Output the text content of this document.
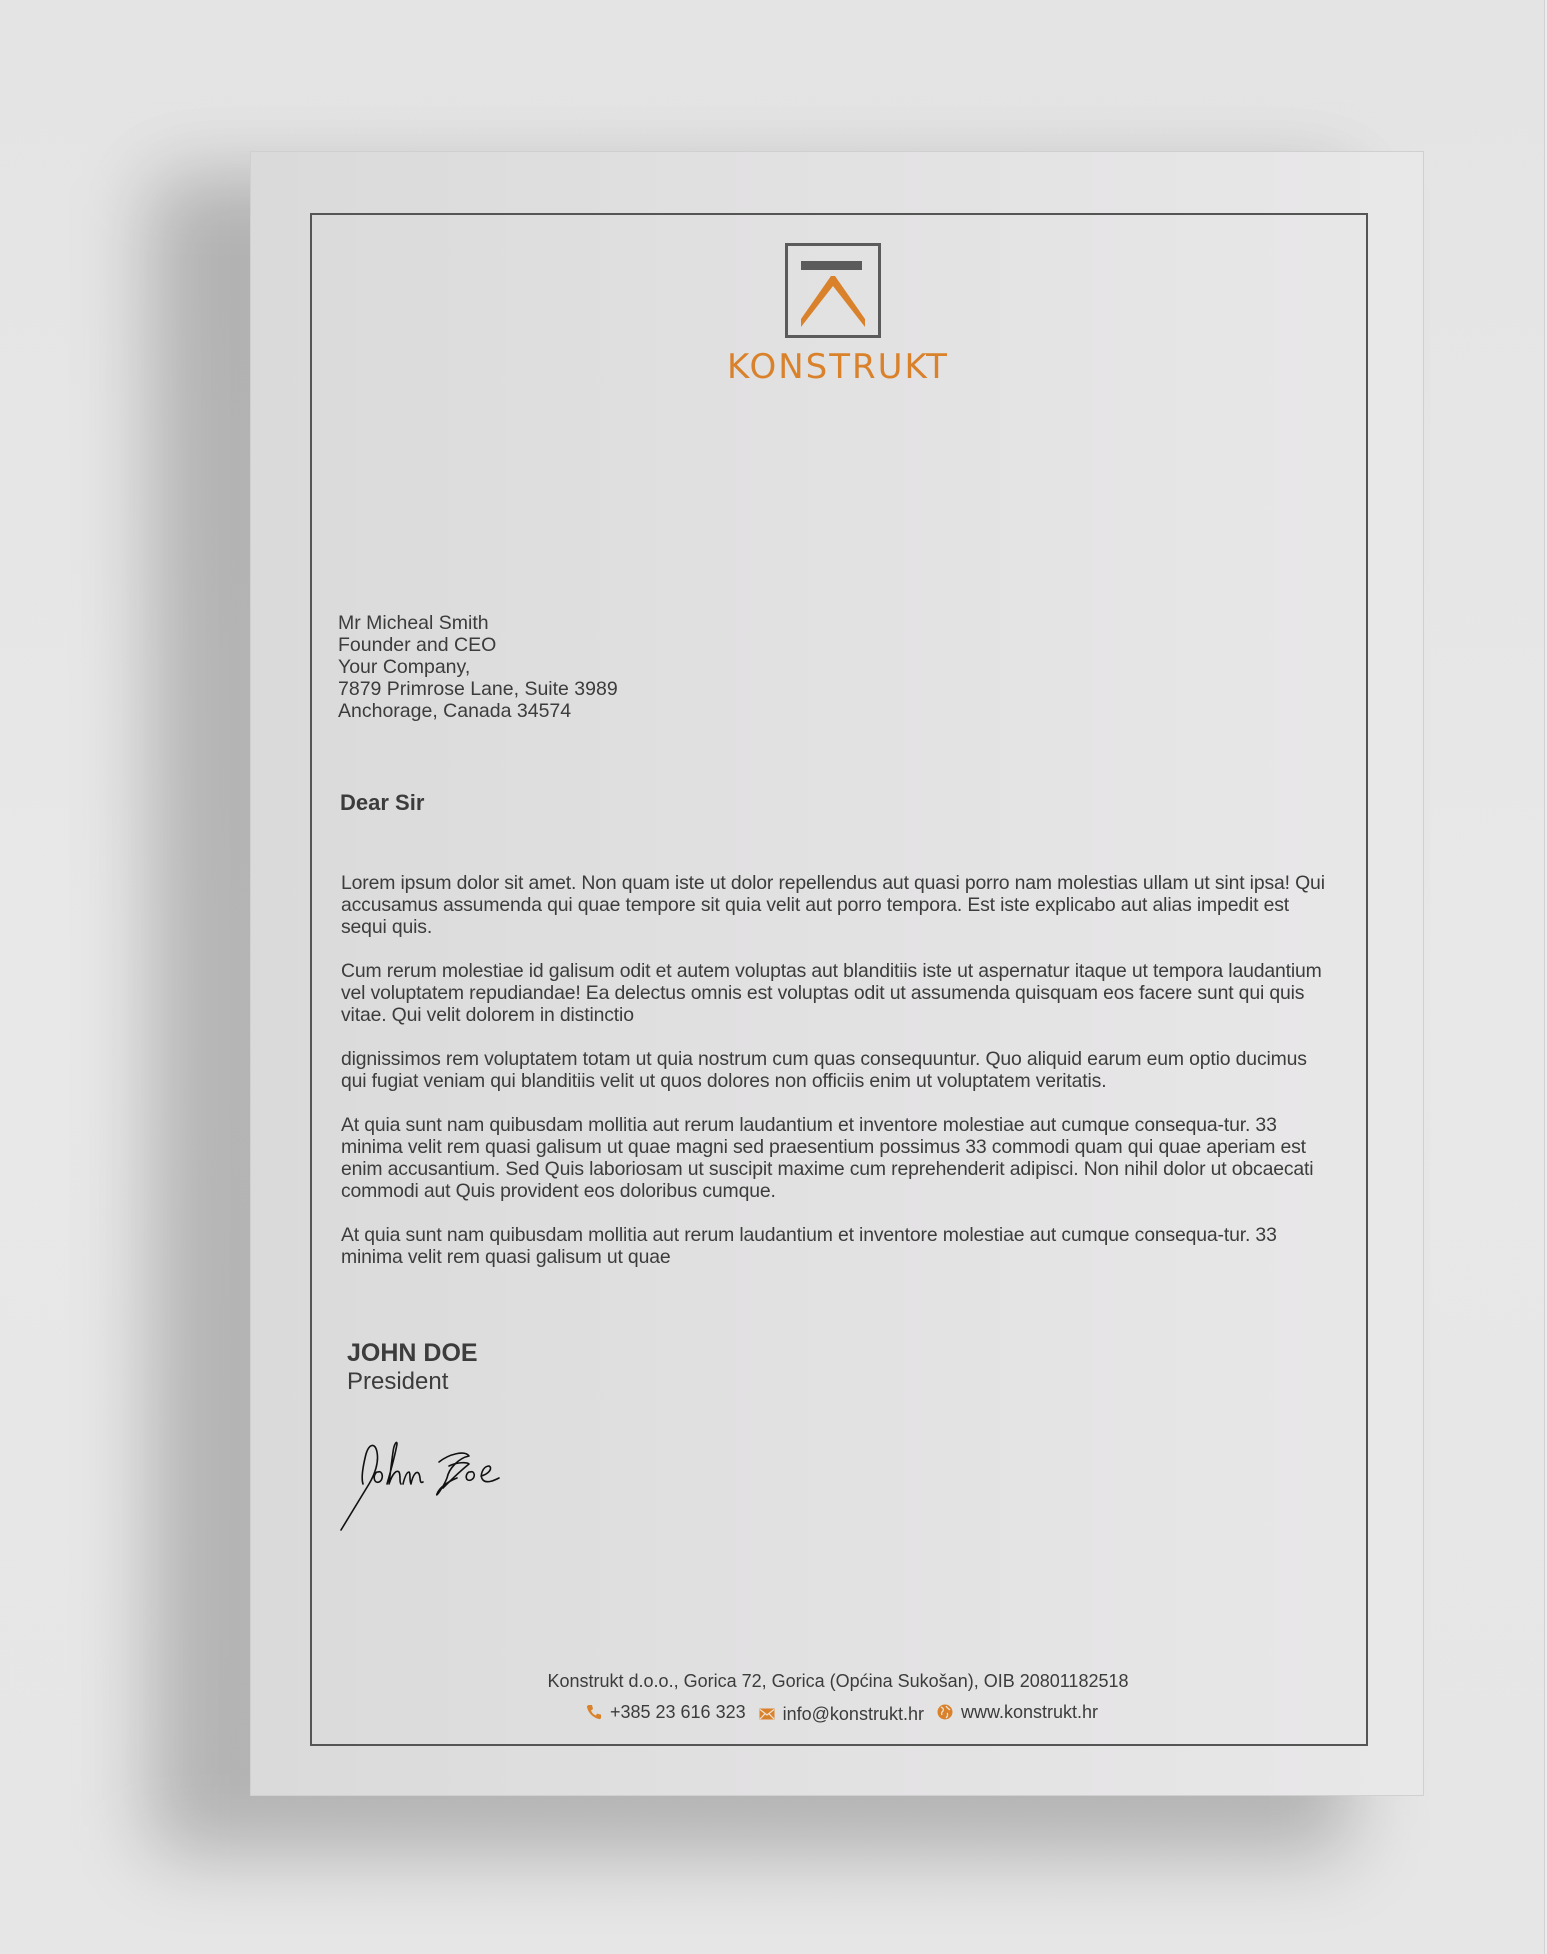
KONSTRUKT
Mr Micheal Smith
Founder and CEO
Your Company,
7879 Primrose Lane, Suite 3989
Anchorage, Canada 34574
Dear Sir

Lorem ipsum dolor sit amet. Non quam iste ut dolor repellendus aut quasi porro nam molestias ullam ut sint ipsa! Qui accusamus assumenda qui quae tempore sit quia velit aut porro tempora. Est iste explicabo aut alias impedit est sequi quis.

Cum rerum molestiae id galisum odit et autem voluptas aut blanditiis iste ut aspernatur itaque ut tempora laudantium vel voluptatem repudiandae! Ea delectus omnis est voluptas odit ut assumenda quisquam eos facere sunt qui quis vitae. Qui velit dolorem in distinctio

dignissimos rem voluptatem totam ut quia nostrum cum quas consequuntur. Quo aliquid earum eum optio ducimus qui fugiat veniam qui blanditiis velit ut quos dolores non officiis enim ut voluptatem veritatis.

At quia sunt nam quibusdam mollitia aut rerum laudantium et inventore molestiae aut cumque consequa-tur. 33 minima velit rem quasi galisum ut quae magni sed praesentium possimus 33 commodi quam qui quae aperiam est enim accusantium. Sed Quis laboriosam ut suscipit maxime cum reprehenderit adipisci. Non nihil dolor ut obcaecati commodi aut Quis provident eos doloribus cumque.

At quia sunt nam quibusdam mollitia aut rerum laudantium et inventore molestiae aut cumque consequa-tur. 33 minima velit rem quasi galisum ut quae

JOHN DOE
President
Konstrukt d.o.o., Gorica 72, Gorica (Općina Sukošan), OIB 20801182518
+385 23 616 323
info@konstrukt.hr
www.konstrukt.hr
